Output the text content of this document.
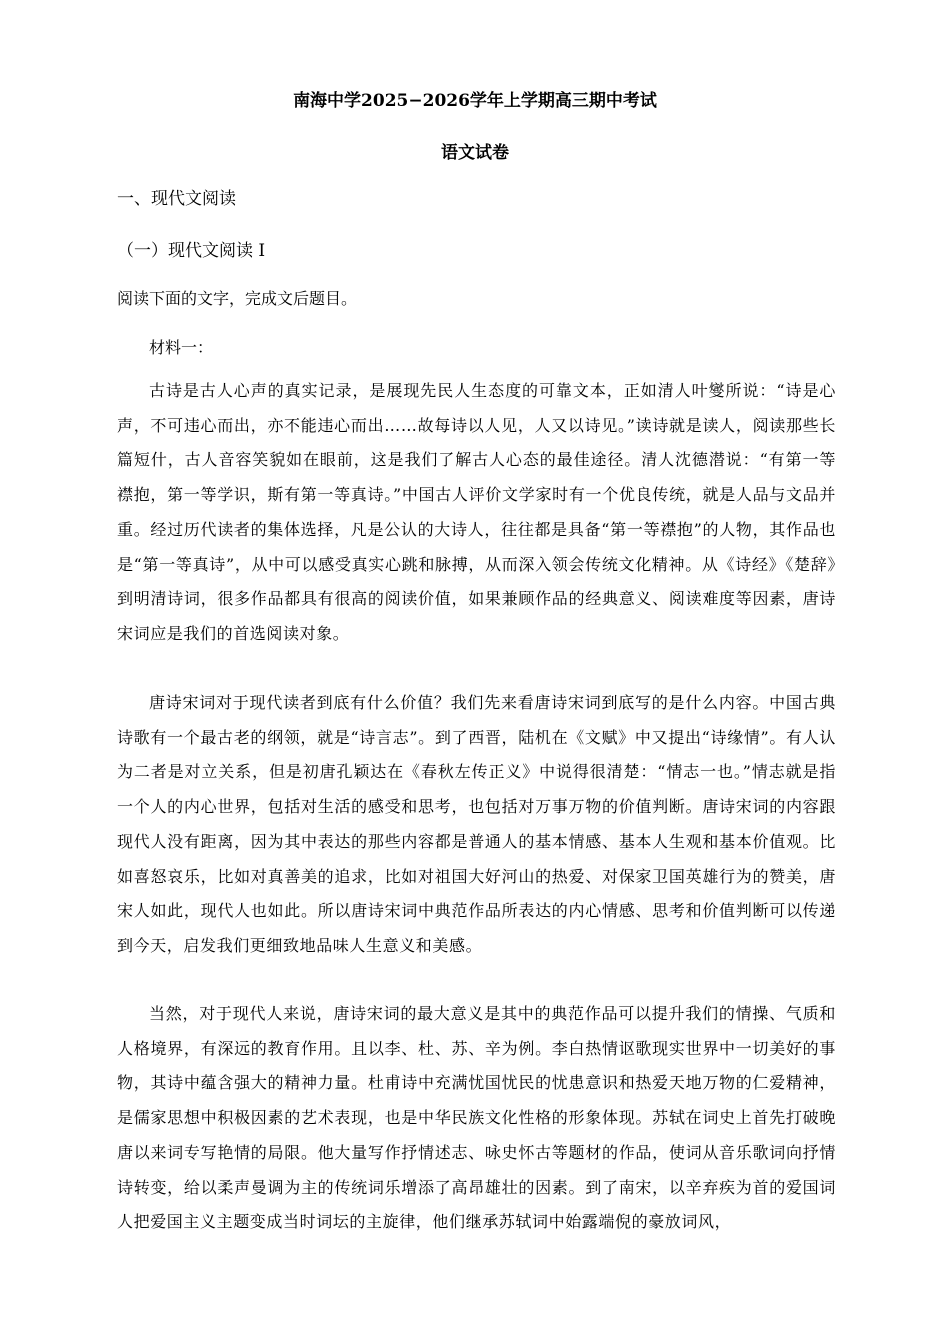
南海中学2025−2026学年上学期高三期中考试
语文试卷

一、现代文阅读

（一）现代文阅读 I

阅读下面的文字，完成文后题目。

材料一：

古诗是古人心声的真实记录，是展现先民人生态度的可靠文本，正如清人叶燮所说：“诗是心声，不可违心而出，亦不能违心而出……故每诗以人见，人又以诗见。”读诗就是读人，阅读那些长篇短什，古人音容笑貌如在眼前，这是我们了解古人心态的最佳途径。清人沈德潜说：“有第一等襟抱，第一等学识，斯有第一等真诗。”中国古人评价文学家时有一个优良传统，就是人品与文品并重。经过历代读者的集体选择，凡是公认的大诗人，往往都是具备“第一等襟抱”的人物，其作品也是“第一等真诗”，从中可以感受真实心跳和脉搏，从而深入领会传统文化精神。从《诗经》《楚辞》到明清诗词，很多作品都具有很高的阅读价值，如果兼顾作品的经典意义、阅读难度等因素，唐诗宋词应是我们的首选阅读对象。

唐诗宋词对于现代读者到底有什么价值？我们先来看唐诗宋词到底写的是什么内容。中国古典诗歌有一个最古老的纲领，就是“诗言志”。到了西晋，陆机在《文赋》中又提出“诗缘情”。有人认为二者是对立关系，但是初唐孔颖达在《春秋左传正义》中说得很清楚：“情志一也。”情志就是指一个人的内心世界，包括对生活的感受和思考，也包括对万事万物的价值判断。唐诗宋词的内容跟现代人没有距离，因为其中表达的那些内容都是普通人的基本情感、基本人生观和基本价值观。比如喜怒哀乐，比如对真善美的追求，比如对祖国大好河山的热爱、对保家卫国英雄行为的赞美，唐宋人如此，现代人也如此。所以唐诗宋词中典范作品所表达的内心情感、思考和价值判断可以传递到今天，启发我们更细致地品味人生意义和美感。

当然，对于现代人来说，唐诗宋词的最大意义是其中的典范作品可以提升我们的情操、气质和人格境界，有深远的教育作用。且以李、杜、苏、辛为例。李白热情讴歌现实世界中一切美好的事物，其诗中蕴含强大的精神力量。杜甫诗中充满忧国忧民的忧患意识和热爱天地万物的仁爱精神，是儒家思想中积极因素的艺术表现，也是中华民族文化性格的形象体现。苏轼在词史上首先打破晚唐以来词专写艳情的局限。他大量写作抒情述志、咏史怀古等题材的作品，使词从音乐歌词向抒情诗转变，给以柔声曼调为主的传统词乐增添了高昂雄壮的因素。到了南宋，以辛弃疾为首的爱国词人把爱国主义主题变成当时词坛的主旋律，他们继承苏轼词中始露端倪的豪放词风，
